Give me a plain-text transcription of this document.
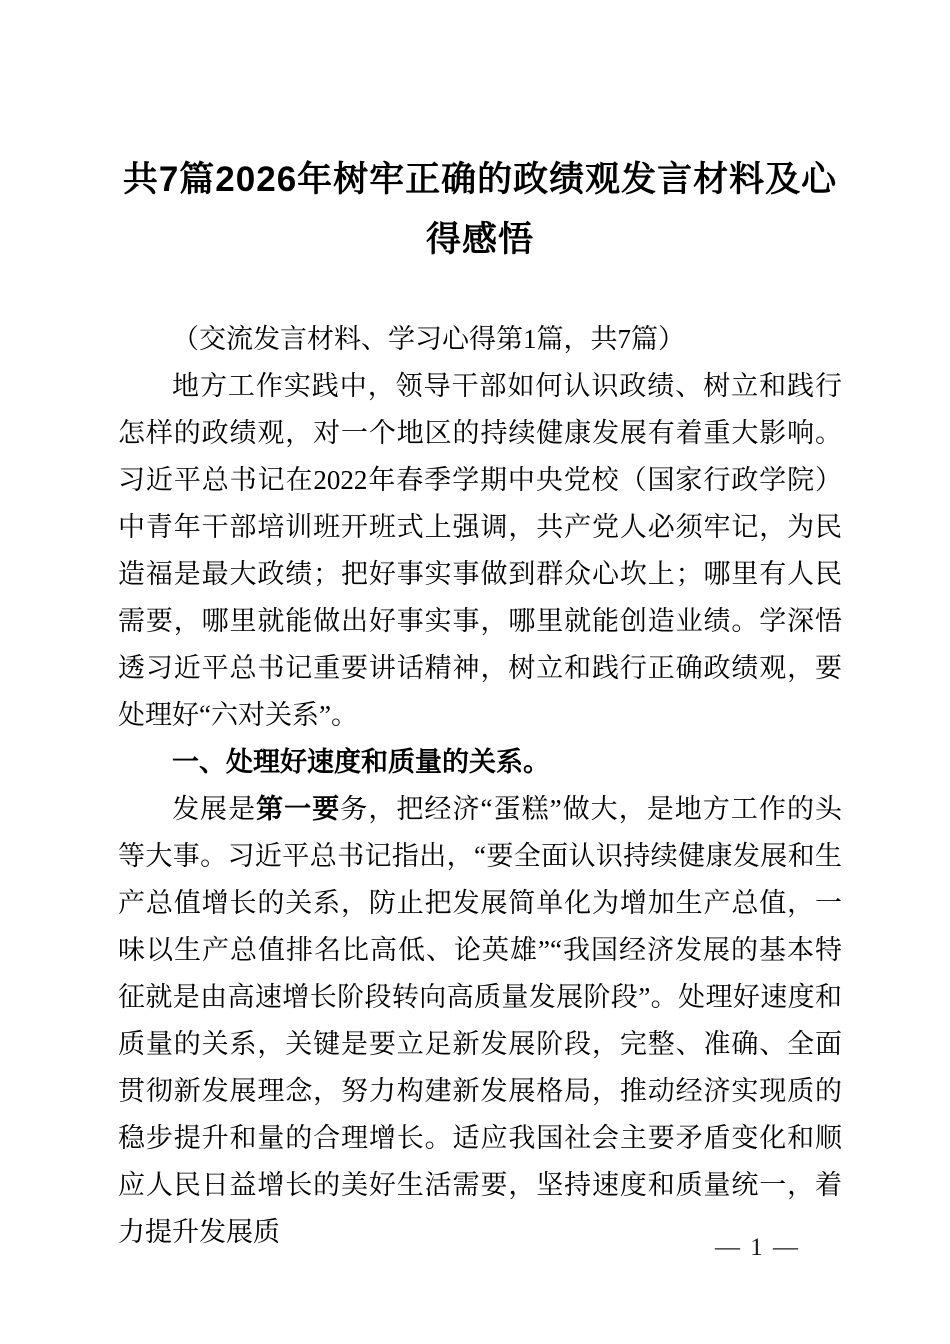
共7篇2026年树牢正确的政绩观发言材料及心得感悟

（交流发言材料、学习心得第1篇，共7篇）

地方工作实践中，领导干部如何认识政绩、树立和践行怎样的政绩观，对一个地区的持续健康发展有着重大影响。习近平总书记在2022年春季学期中央党校（国家行政学院）中青年干部培训班开班式上强调，共产党人必须牢记，为民造福是最大政绩；把好事实事做到群众心坎上；哪里有人民需要，哪里就能做出好事实事，哪里就能创造业绩。学深悟透习近平总书记重要讲话精神，树立和践行正确政绩观，要处理好“六对关系”。

一、处理好速度和质量的关系。

发展是第一要务，把经济“蛋糕”做大，是地方工作的头等大事。习近平总书记指出，“要全面认识持续健康发展和生产总值增长的关系，防止把发展简单化为增加生产总值，一味以生产总值排名比高低、论英雄”“我国经济发展的基本特征就是由高速增长阶段转向高质量发展阶段”。处理好速度和质量的关系，关键是要立足新发展阶段，完整、准确、全面贯彻新发展理念，努力构建新发展格局，推动经济实现质的稳步提升和量的合理增长。适应我国社会主要矛盾变化和顺应人民日益增长的美好生活需要，坚持速度和质量统一，着力提升发展质

— 1 —
